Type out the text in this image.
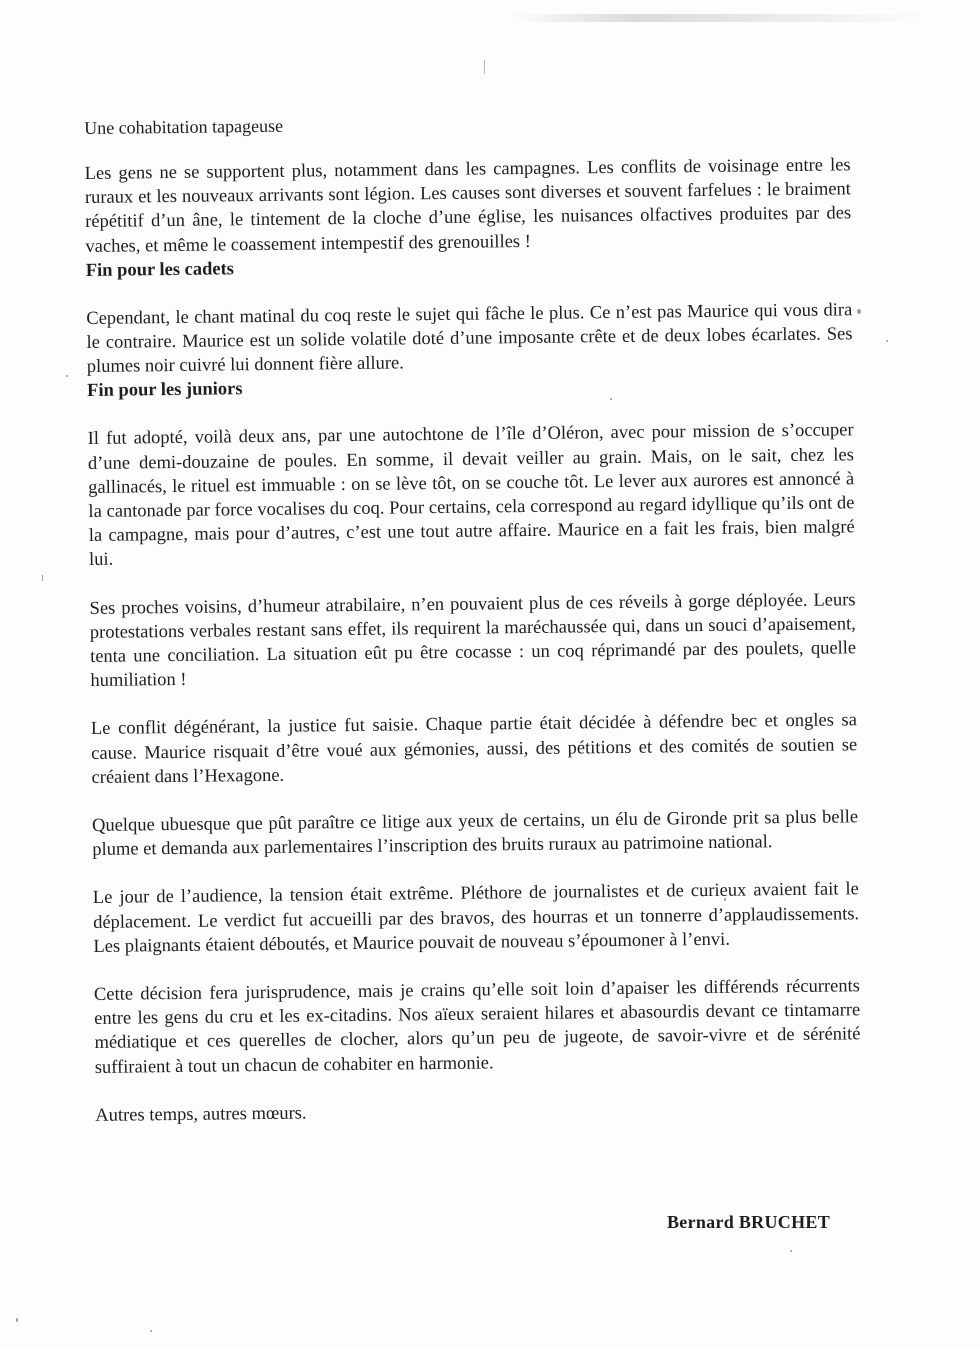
Une cohabitation tapageuse

Les gens ne se supportent plus, notamment dans les campagnes. Les conflits de voisinage entre les ruraux et les nouveaux arrivants sont légion. Les causes sont diverses et souvent farfelues : le braiment répétitif d’un âne, le tintement de la cloche d’une église, les nuisances olfactives produites par des vaches, et même le coassement intempestif des grenouilles !

Fin pour les cadets

Cependant, le chant matinal du coq reste le sujet qui fâche le plus. Ce n’est pas Maurice qui vous dira le contraire. Maurice est un solide volatile doté d’une imposante crête et de deux lobes écarlates. Ses plumes noir cuivré lui donnent fière allure.

Fin pour les juniors

Il fut adopté, voilà deux ans, par une autochtone de l’île d’Oléron, avec pour mission de s’occuper d’une demi-douzaine de poules. En somme, il devait veiller au grain. Mais, on le sait, chez les gallinacés, le rituel est immuable : on se lève tôt, on se couche tôt. Le lever aux aurores est annoncé à la cantonade par force vocalises du coq. Pour certains, cela correspond au regard idyllique qu’ils ont de la campagne, mais pour d’autres, c’est une tout autre affaire. Maurice en a fait les frais, bien malgré lui.

Ses proches voisins, d’humeur atrabilaire, n’en pouvaient plus de ces réveils à gorge déployée. Leurs protestations verbales restant sans effet, ils requirent la maréchaussée qui, dans un souci d’apaisement, tenta une conciliation. La situation eût pu être cocasse : un coq réprimandé par des poulets, quelle humiliation !

Le conflit dégénérant, la justice fut saisie. Chaque partie était décidée à défendre bec et ongles sa cause. Maurice risquait d’être voué aux gémonies, aussi, des pétitions et des comités de soutien se créaient dans l’Hexagone.

Quelque ubuesque que pût paraître ce litige aux yeux de certains, un élu de Gironde prit sa plus belle plume et demanda aux parlementaires l’inscription des bruits ruraux au patrimoine national.

Le jour de l’audience, la tension était extrême. Pléthore de journalistes et de curieux avaient fait le déplacement. Le verdict fut accueilli par des bravos, des hourras et un tonnerre d’applaudissements. Les plaignants étaient déboutés, et Maurice pouvait de nouveau s’époumoner à l’envi.

Cette décision fera jurisprudence, mais je crains qu’elle soit loin d’apaiser les différends récurrents entre les gens du cru et les ex-citadins. Nos aïeux seraient hilares et abasourdis devant ce tintamarre médiatique et ces querelles de clocher, alors qu’un peu de jugeote, de savoir-vivre et de sérénité suffiraient à tout un chacun de cohabiter en harmonie.

Autres temps, autres mœurs.
Bernard BRUCHET
